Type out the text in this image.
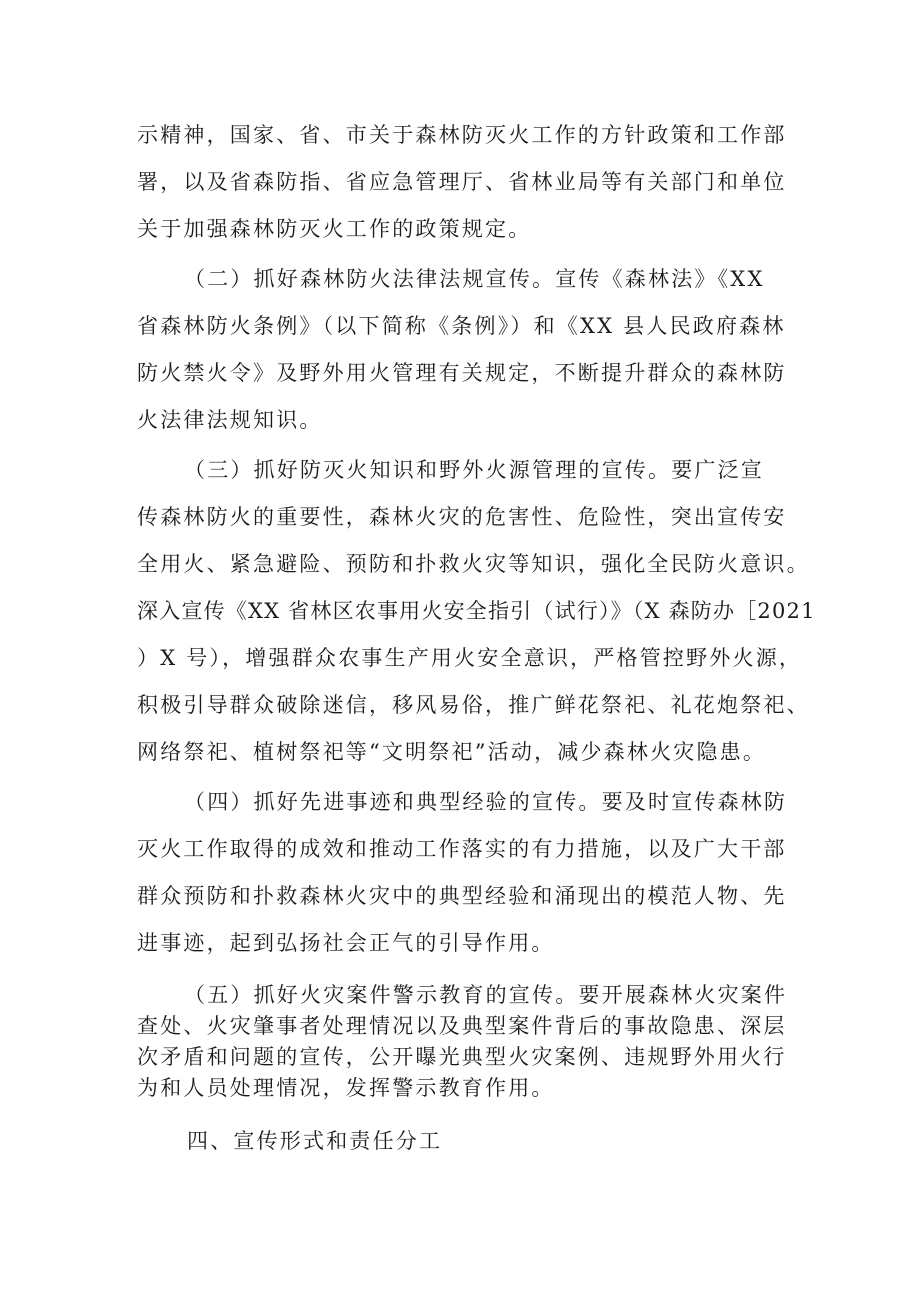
示精神，国家、省、市关于森林防灭火工作的方针政策和工作部
署，以及省森防指、省应急管理厅、省林业局等有关部门和单位
关于加强森林防灭火工作的政策规定。
（二）抓好森林防火法律法规宣传。宣传《森林法》《XX
省森林防火条例》（以下简称《条例》）和《XX 县人民政府森林
防火禁火令》及野外用火管理有关规定，不断提升群众的森林防
火法律法规知识。
（三）抓好防灭火知识和野外火源管理的宣传。要广泛宣
传森林防火的重要性，森林火灾的危害性、危险性，突出宣传安
全用火、紧急避险、预防和扑救火灾等知识，强化全民防火意识。
深入宣传《XX 省林区农事用火安全指引（试行）》（X 森防办［2021
）X 号），增强群众农事生产用火安全意识，严格管控野外火源，
积极引导群众破除迷信，移风易俗，推广鲜花祭祀、礼花炮祭祀、
网络祭祀、植树祭祀等“文明祭祀”活动，减少森林火灾隐患。
（四）抓好先进事迹和典型经验的宣传。要及时宣传森林防
灭火工作取得的成效和推动工作落实的有力措施，以及广大干部
群众预防和扑救森林火灾中的典型经验和涌现出的模范人物、先
进事迹，起到弘扬社会正气的引导作用。
（五）抓好火灾案件警示教育的宣传。要开展森林火灾案件
查处、火灾肇事者处理情况以及典型案件背后的事故隐患、深层
次矛盾和问题的宣传，公开曝光典型火灾案例、违规野外用火行
为和人员处理情况，发挥警示教育作用。
四、宣传形式和责任分工
